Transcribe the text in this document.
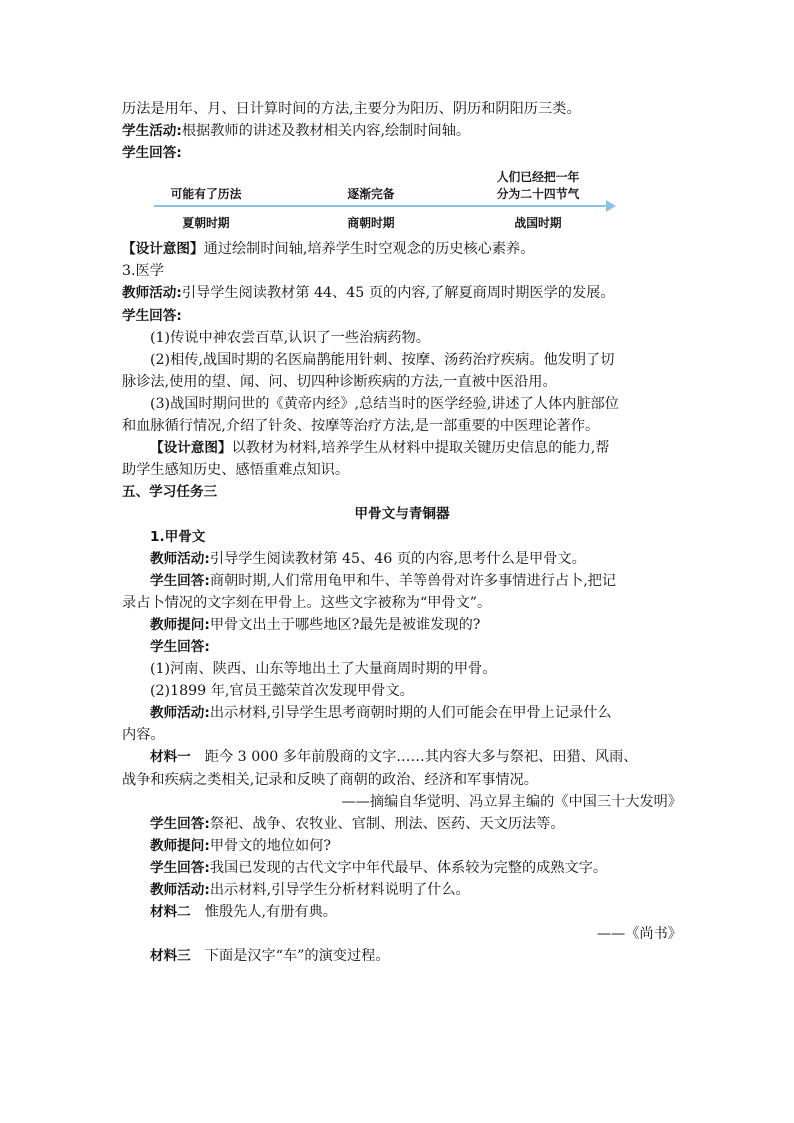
历法是用年、月、日计算时间的方法,主要分为阳历、阴历和阴阳历三类。
学生活动:根据教师的讲述及教材相关内容,绘制时间轴。
学生回答:
可能有了历法	逐渐完备
人们已经把一年
分为二十四节气
夏朝时期	商朝时期	战国时期
【设计意图】通过绘制时间轴,培养学生时空观念的历史核心素养。
3.医学
教师活动:引导学生阅读教材第 44、45 页的内容,了解夏商周时期医学的发展。
学生回答:
(1)传说中神农尝百草,认识了一些治病药物。
(2)相传,战国时期的名医扁鹊能用针刺、按摩、汤药治疗疾病。他发明了切
脉诊法,使用的望、闻、问、切四种诊断疾病的方法,一直被中医沿用。
(3)战国时期问世的《黄帝内经》,总结当时的医学经验,讲述了人体内脏部位
和血脉循行情况,介绍了针灸、按摩等治疗方法,是一部重要的中医理论著作。
【设计意图】以教材为材料,培养学生从材料中提取关键历史信息的能力,帮
助学生感知历史、感悟重难点知识。
五、学习任务三
甲骨文与青铜器
1.甲骨文
教师活动:引导学生阅读教材第 45、46 页的内容,思考什么是甲骨文。
学生回答:商朝时期,人们常用龟甲和牛、羊等兽骨对许多事情进行占卜,把记
录占卜情况的文字刻在甲骨上。这些文字被称为“甲骨文”。
教师提问:甲骨文出土于哪些地区?最先是被谁发现的?
学生回答:
(1)河南、陕西、山东等地出土了大量商周时期的甲骨。
(2)1899 年,官员王懿荣首次发现甲骨文。
教师活动:出示材料,引导学生思考商朝时期的人们可能会在甲骨上记录什么
内容。
材料一 距今 3 000 多年前殷商的文字……其内容大多与祭祀、田猎、风雨、
战争和疾病之类相关,记录和反映了商朝的政治、经济和军事情况。
——摘编自华觉明、冯立昇主编的《中国三十大发明》
学生回答:祭祀、战争、农牧业、官制、刑法、医药、天文历法等。
教师提问:甲骨文的地位如何?
学生回答:我国已发现的古代文字中年代最早、体系较为完整的成熟文字。
教师活动:出示材料,引导学生分析材料说明了什么。
材料二 惟殷先人,有册有典。
——《尚书》
材料三 下面是汉字“车”的演变过程。
